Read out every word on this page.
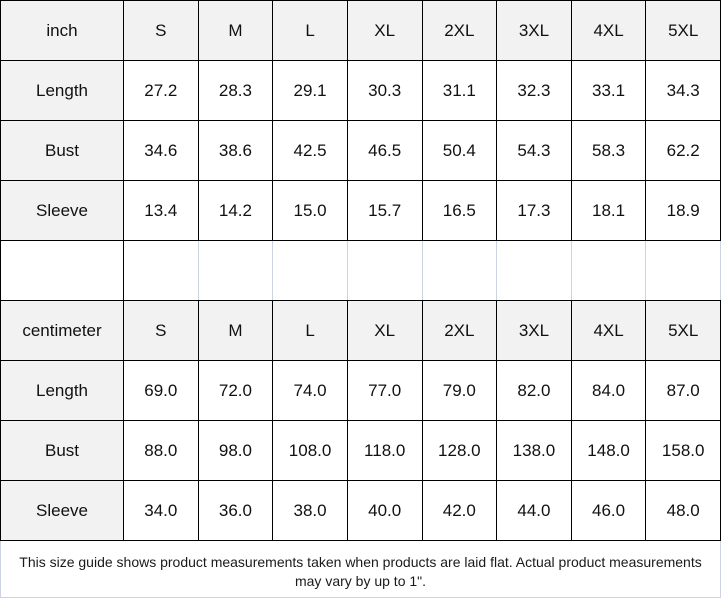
inch	S	M	L	XL	2XL	3XL	4XL	5XL
Length	27.2	28.3	29.1	30.3	31.1	32.3	33.1	34.3
Bust	34.6	38.6	42.5	46.5	50.4	54.3	58.3	62.2
Sleeve	13.4	14.2	15.0	15.7	16.5	17.3	18.1	18.9

centimeter	S	M	L	XL	2XL	3XL	4XL	5XL
Length	69.0	72.0	74.0	77.0	79.0	82.0	84.0	87.0
Bust	88.0	98.0	108.0	118.0	128.0	138.0	148.0	158.0
Sleeve	34.0	36.0	38.0	40.0	42.0	44.0	46.0	48.0
This size guide shows product measurements taken when products are laid flat. Actual product measurements
may vary by up to 1".
